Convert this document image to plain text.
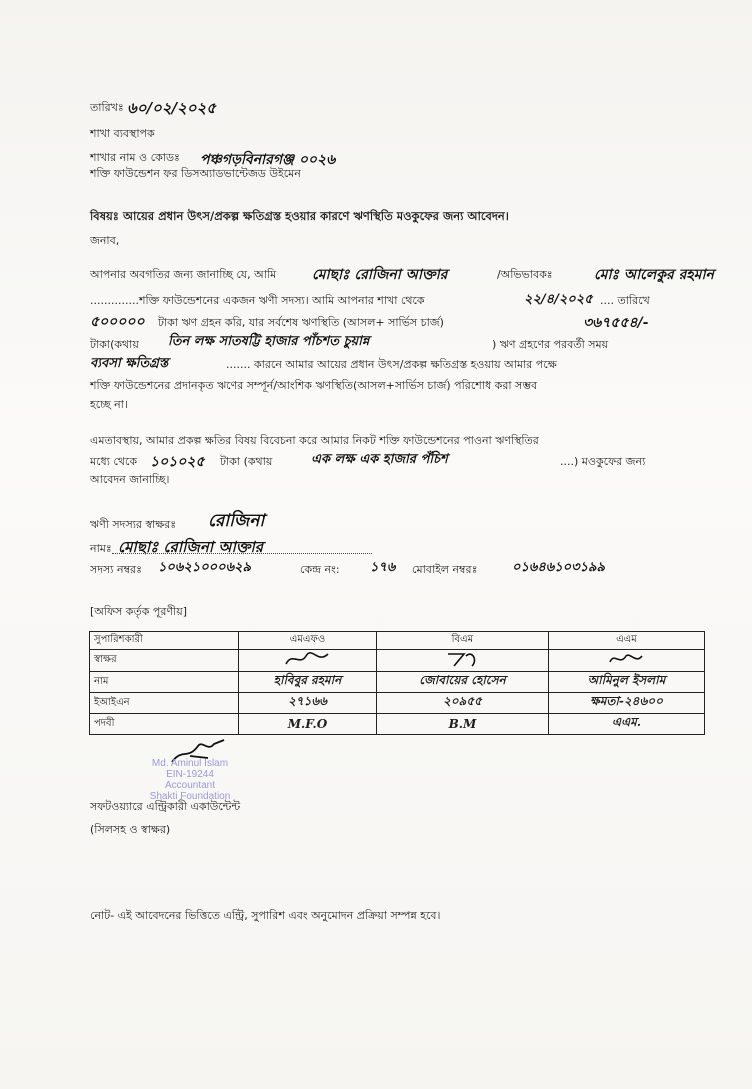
তারিখঃ ৬০/০২/২০২৫
শাখা ব্যবস্থাপক
শাখার নাম ও কোডঃ পঞ্চগড়বিনারগঞ্জ ০০২৬
শক্তি ফাউন্ডেশন ফর ডিসঅ্যাডভান্টেজড উইমেন
বিষয়ঃ আয়ের প্রধান উৎস/প্রকল্প ক্ষতিগ্রস্ত হওয়ার কারণে ঋণস্থিতি মওকুফের জন্য আবেদন।
জনাব,
আপনার অবগতির জন্য জানাচ্ছি যে, আমি	মোছাঃ রোজিনা আক্তার	/অভিভাবকঃ	মোঃ আলেকুর রহমান
..............শক্তি ফাউন্ডেশনের একজন ঋণী সদস্য। আমি আপনার শাখা থেকে	২২/৪/২০২৫ .... তারিখে
৫০০০০০ টাকা ঋণ গ্রহন করি, যার সর্বশেষ ঋণস্থিতি (আসল+ সার্ভিস চার্জ)	৩৬৭৫৫৪/-
টাকা(কথায় তিন লক্ষ সাতষট্টি হাজার পাঁচশত চুয়ান্ন	) ঋণ গ্রহণের পরবর্তী সময়
ব্যবসা ক্ষতিগ্রস্ত	....... কারনে আমার আয়ের প্রধান উৎস/প্রকল্প ক্ষতিগ্রস্ত হওয়ায় আমার পক্ষে
শক্তি ফাউন্ডেশনের প্রদানকৃত ঋণের সম্পূর্ন/আংশিক ঋণস্থিতি(আসল+সার্ভিস চার্জ) পরিশোধ করা সম্ভব
হচ্ছে না।
এমতাবস্থায়, আমার প্রকল্প ক্ষতির বিষয় বিবেচনা করে আমার নিকট শক্তি ফাউন্ডেশনের পাওনা ঋণস্থিতির
মধ্যে থেকে ১০১০২৫ টাকা (কথায়	এক লক্ষ এক হাজার পঁচিশ	....) মওকুফের জন্য
আবেদন জানাচ্ছি।
ঋণী সদস্যর স্বাক্ষরঃ রোজিনা
নামঃ মোছাঃ রোজিনা আক্তার
সদস্য নম্বরঃ ১০৬২১০০০৬২৯	কেন্দ্র নং: ১৭৬ মোবাইল নম্বরঃ	০১৬৪৬১০৩১৯৯
[অফিস কর্তৃক পূরণীয়]
সুপারিশকারী	এমএফও	বিএম	এএম
স্বাক্ষর			
নাম	হাবিবুর রহমান	জোবায়ের হোসেন	আমিনুল ইসলাম
ইআইএন	২৭১৬৬	২০৯৫৫	ক্ষমতা-২৪৬০০
পদবী	M.F.O	B.M	এএম.
Md. Aminul Islam
EIN-19244
Accountant
Shakti Foundation
সফটওয়্যারে এন্ট্রিকারী একাউন্টেন্ট
(সিলসহ ও স্বাক্ষর)
নোট- এই আবেদনের ভিত্তিতে এন্ট্রি, সুপারিশ এবং অনুমোদন প্রক্রিয়া সম্পন্ন হবে।
